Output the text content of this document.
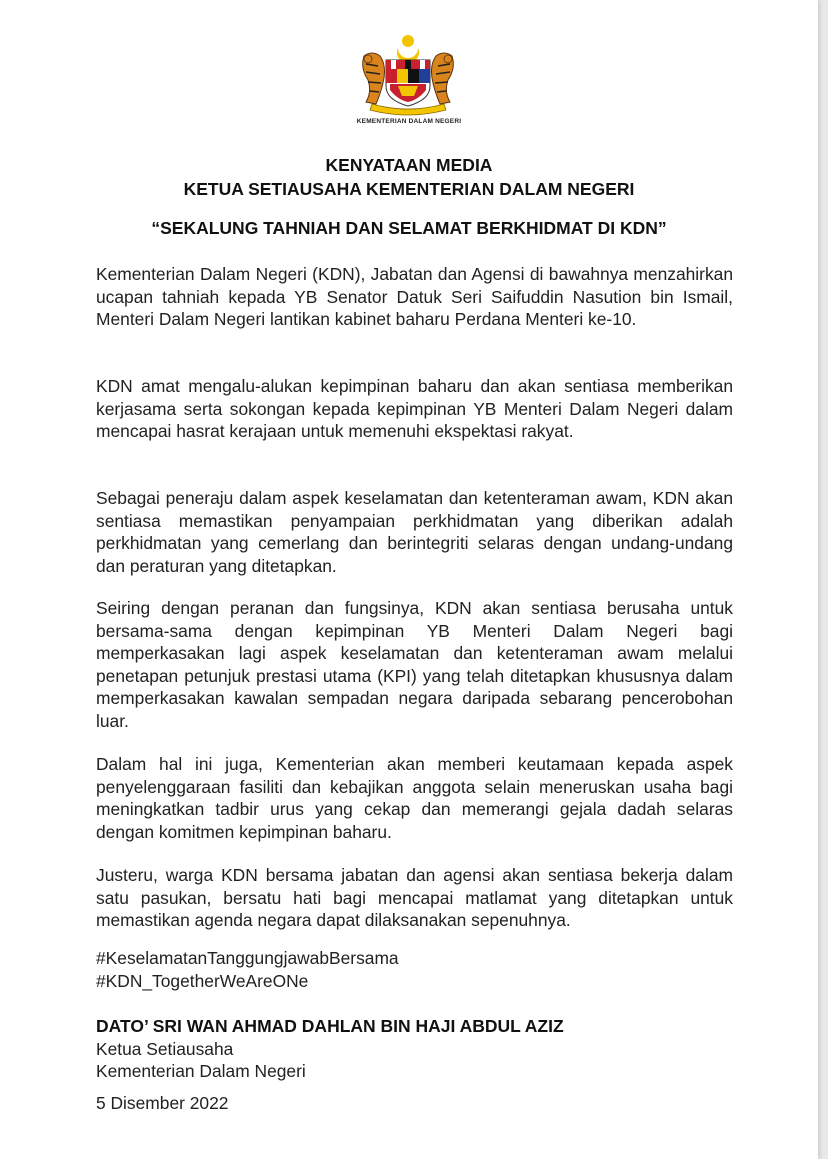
· · · · · · ·
KEMENTERIAN DALAM NEGERI
KENYATAAN MEDIA
KETUA SETIAUSAHA KEMENTERIAN DALAM NEGERI
“SEKALUNG TAHNIAH DAN SELAMAT BERKHIDMAT DI KDN”
Kementerian Dalam Negeri (KDN), Jabatan dan Agensi di bawahnya menzahirkan ucapan tahniah kepada YB Senator Datuk Seri Saifuddin Nasution bin Ismail, Menteri Dalam Negeri lantikan kabinet baharu Perdana Menteri ke-10.
KDN amat mengalu-alukan kepimpinan baharu dan akan sentiasa memberikan kerjasama serta sokongan kepada kepimpinan YB Menteri Dalam Negeri dalam mencapai hasrat kerajaan untuk memenuhi ekspektasi rakyat.
Sebagai peneraju dalam aspek keselamatan dan ketenteraman awam, KDN akan sentiasa memastikan penyampaian perkhidmatan yang diberikan adalah perkhidmatan yang cemerlang dan berintegriti selaras dengan undang-undang dan peraturan yang ditetapkan.
Seiring dengan peranan dan fungsinya, KDN akan sentiasa berusaha untuk bersama-sama dengan kepimpinan YB Menteri Dalam Negeri bagi memperkasakan lagi aspek keselamatan dan ketenteraman awam melalui penetapan petunjuk prestasi utama (KPI) yang telah ditetapkan khususnya dalam memperkasakan kawalan sempadan negara daripada sebarang pencerobohan luar.
Dalam hal ini juga, Kementerian akan memberi keutamaan kepada aspek penyelenggaraan fasiliti dan kebajikan anggota selain meneruskan usaha bagi meningkatkan tadbir urus yang cekap dan memerangi gejala dadah selaras dengan komitmen kepimpinan baharu.
Justeru, warga KDN bersama jabatan dan agensi akan sentiasa bekerja dalam satu pasukan, bersatu hati bagi mencapai matlamat yang ditetapkan untuk memastikan agenda negara dapat dilaksanakan sepenuhnya.
#KeselamatanTanggungjawabBersama
#KDN_TogetherWeAreONe
DATO’ SRI WAN AHMAD DAHLAN BIN HAJI ABDUL AZIZ
Ketua Setiausaha
Kementerian Dalam Negeri
5 Disember 2022
